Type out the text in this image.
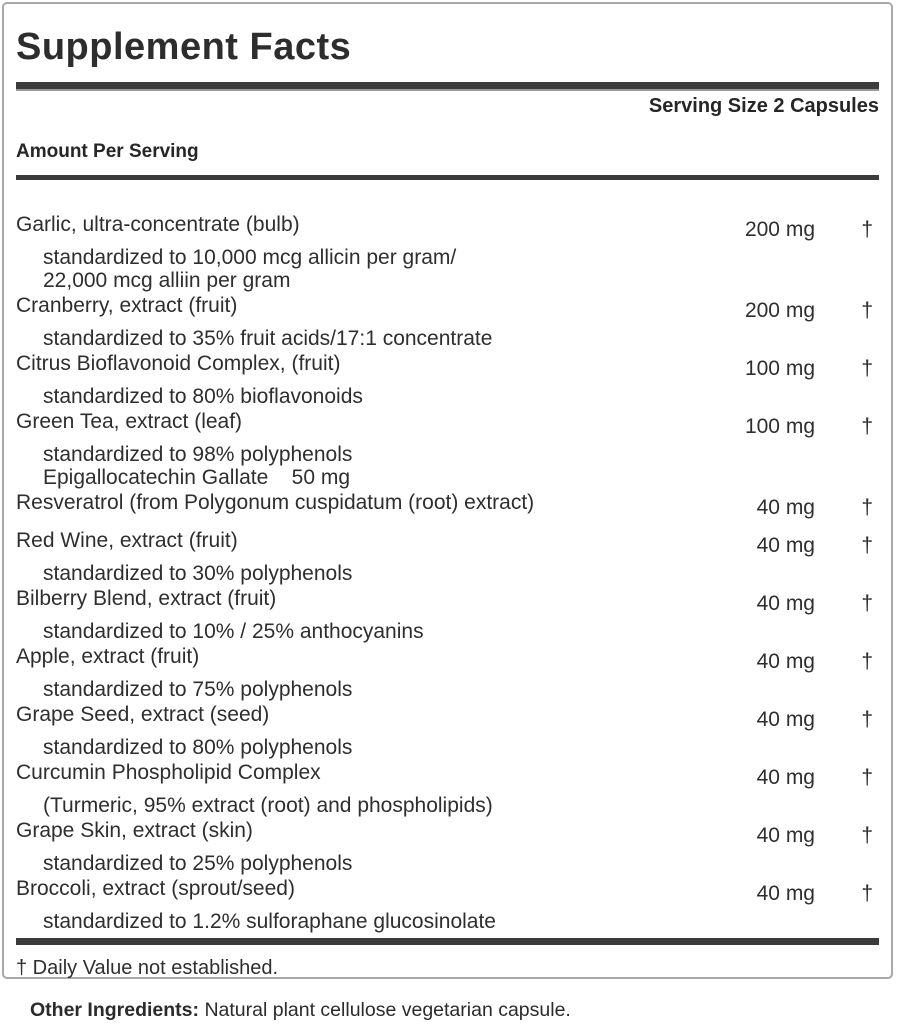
Supplement Facts
Serving Size 2 Capsules
Amount Per Serving
Garlic, ultra-concentrate (bulb)	200 mg	†
standardized to 10,000 mcg allicin per gram/
22,000 mcg alliin per gram
Cranberry, extract (fruit)	200 mg	†
standardized to 35% fruit acids/17:1 concentrate
Citrus Bioflavonoid Complex, (fruit)	100 mg	†
standardized to 80% bioflavonoids
Green Tea, extract (leaf)	100 mg	†
standardized to 98% polyphenols
Epigallocatechin Gallate    50 mg
Resveratrol (from Polygonum cuspidatum (root) extract)	40 mg	†
Red Wine, extract (fruit)	40 mg	†
standardized to 30% polyphenols
Bilberry Blend, extract (fruit)	40 mg	†
standardized to 10% / 25% anthocyanins
Apple, extract (fruit)	40 mg	†
standardized to 75% polyphenols
Grape Seed, extract (seed)	40 mg	†
standardized to 80% polyphenols
Curcumin Phospholipid Complex	40 mg	†
(Turmeric, 95% extract (root) and phospholipids)
Grape Skin, extract (skin)	40 mg	†
standardized to 25% polyphenols
Broccoli, extract (sprout/seed)	40 mg	†
standardized to 1.2% sulforaphane glucosinolate
† Daily Value not established.
Other Ingredients: Natural plant cellulose vegetarian capsule.
